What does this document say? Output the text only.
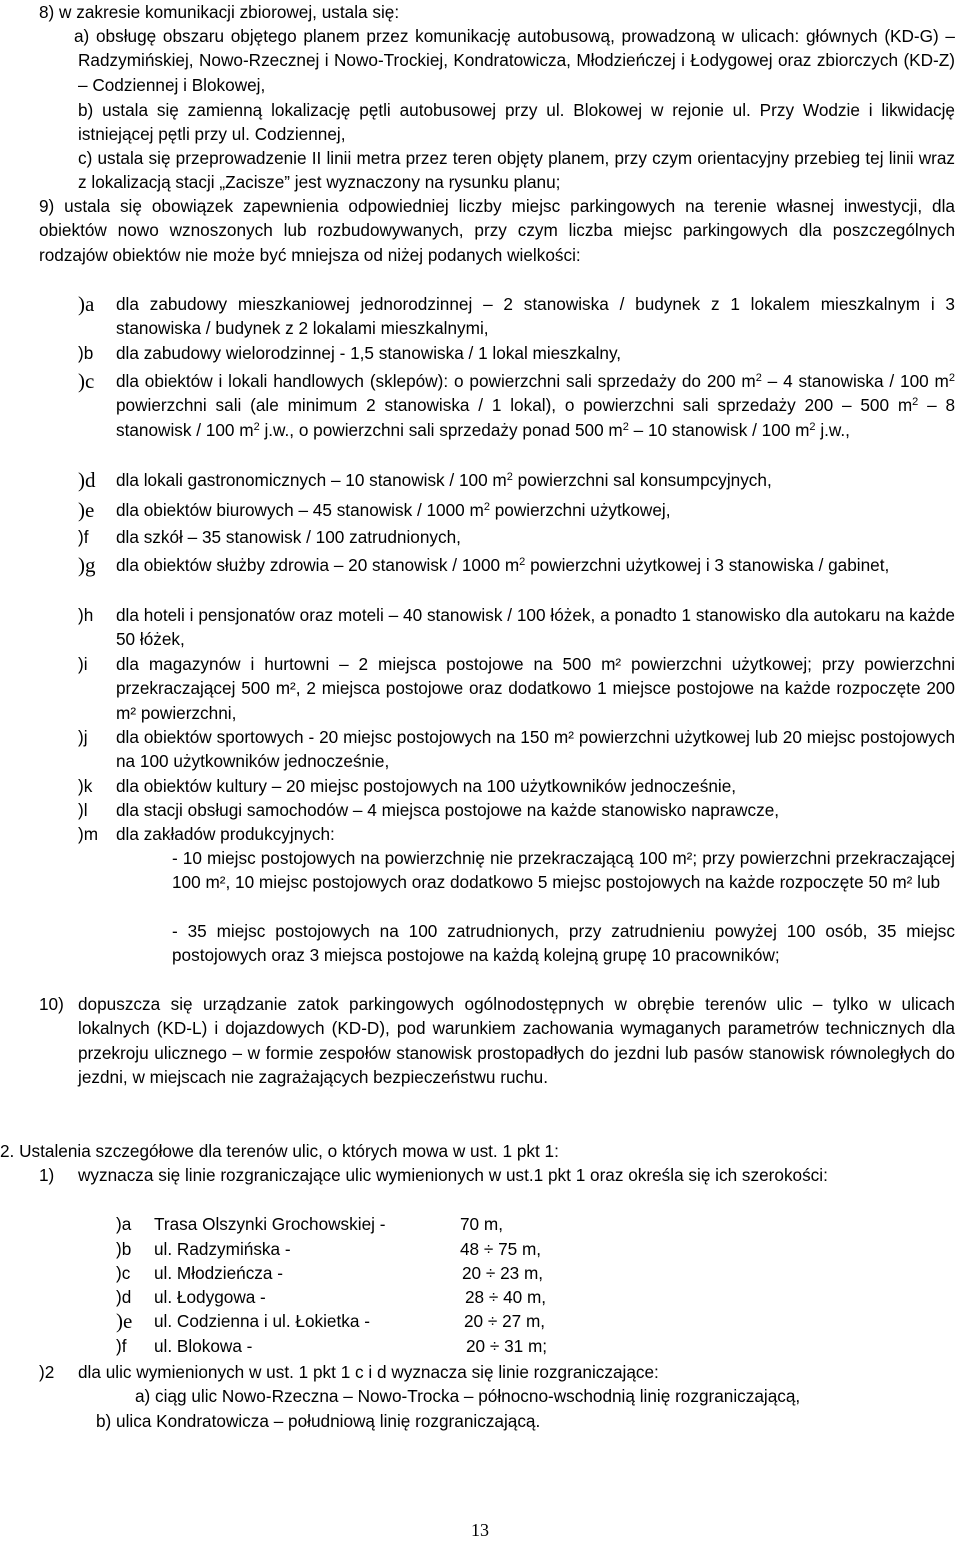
8) w zakresie komunikacji zbiorowej, ustala się:
a) obsługę obszaru objętego planem przez komunikację autobusową, prowadzoną w ulicach: głównych (KD-G) – Radzymińskiej, Nowo-Rzecznej i Nowo-Trockiej, Kondratowicza, Młodzieńczej i Łodygowej oraz zbiorczych (KD-Z) – Codziennej i Blokowej,
b) ustala się zamienną lokalizację pętli autobusowej przy ul. Blokowej w rejonie ul. Przy Wodzie i likwidację istniejącej pętli przy ul. Codziennej,
c) ustala się przeprowadzenie II linii metra przez teren objęty planem, przy czym orientacyjny przebieg tej linii wraz z lokalizacją stacji „Zacisze” jest wyznaczony na rysunku planu;
9) ustala się obowiązek zapewnienia odpowiedniej liczby miejsc parkingowych na terenie własnej inwestycji, dla obiektów nowo wznoszonych lub rozbudowywanych, przy czym liczba miejsc parkingowych dla poszczególnych rodzajów obiektów nie może być mniejsza od niżej podanych wielkości:
)a dla zabudowy mieszkaniowej jednorodzinnej – 2 stanowiska / budynek z 1 lokalem mieszkalnym i 3 stanowiska / budynek z 2 lokalami mieszkalnymi,
)b dla zabudowy wielorodzinnej - 1,5 stanowiska / 1 lokal mieszkalny,
)c dla obiektów i lokali handlowych (sklepów): o powierzchni sali sprzedaży do 200 $m^2 - 4$ stanowiska / 100 $m^2$ powierzchni sali (ale minimum 2 stanowiska / 1 lokal), o powierzchni sali sprzedaży 200 – 500 $m^2 - 8$ stanowisk / 100 $m^2$ j.w., o powierzchni sali sprzedaży ponad 500 $m^2 - 10$ stanowisk / 100 $m^2$ j.w.,
)d dla lokali gastronomicznych – 10 stanowisk / 100 $m^2$ powierzchni sal konsumpcyjnych,
)e dla obiektów biurowych – 45 stanowisk / 1000 $m^2$ powierzchni użytkowej,
)f dla szkół – 35 stanowisk / 100 zatrudnionych,
)g dla obiektów służby zdrowia – 20 stanowisk / 1000 $m^2$ powierzchni użytkowej i 3 stanowiska / gabinet,
)h dla hoteli i pensjonatów oraz moteli – 40 stanowisk / 100 łóżek, a ponadto 1 stanowisko dla autokaru na każde 50 łóżek,
)i dla magazynów i hurtowni – 2 miejsca postojowe na 500 m² powierzchni użytkowej; przy powierzchni przekraczającej 500 m², 2 miejsca postojowe oraz dodatkowo 1 miejsce postojowe na każde rozpoczęte 200 m² powierzchni,
)j dla obiektów sportowych - 20 miejsc postojowych na 150 m² powierzchni użytkowej lub 20 miejsc postojowych na 100 użytkowników jednocześnie,
)k dla obiektów kultury – 20 miejsc postojowych na 100 użytkowników jednocześnie,
)l dla stacji obsługi samochodów – 4 miejsca postojowe na każde stanowisko naprawcze,
)m dla zakładów produkcyjnych:
- 10 miejsc postojowych na powierzchnię nie przekraczającą 100 m²; przy powierzchni przekraczającej 100 m², 10 miejsc postojowych oraz dodatkowo 5 miejsc postojowych na każde rozpoczęte 50 m² lub
- 35 miejsc postojowych na 100 zatrudnionych, przy zatrudnieniu powyżej 100 osób, 35 miejsc postojowych oraz 3 miejsca postojowe na każdą kolejną grupę 10 pracowników;
10) dopuszcza się urządzanie zatok parkingowych ogólnodostępnych w obrębie terenów ulic – tylko w ulicach lokalnych (KD-L) i dojazdowych (KD-D), pod warunkiem zachowania wymaganych parametrów technicznych dla przekroju ulicznego – w formie zespołów stanowisk prostopadłych do jezdni lub pasów stanowisk równoległych do jezdni, w miejscach nie zagrażających bezpieczeństwu ruchu.
2. Ustalenia szczegółowe dla terenów ulic, o których mowa w ust. 1 pkt 1:
1) wyznacza się linie rozgraniczające ulic wymienionych w ust.1 pkt 1 oraz określa się ich szerokości:
)a Trasa Olszynki Grochowskiej -	70 m,
)b ul. Radzymińska -	48 ÷ 75 m,
)c ul. Młodzieńcza -	20 ÷ 23 m,
)d ul. Łodygowa -	28 ÷ 40 m,
)e ul. Codzienna i ul. Łokietka -	20 ÷ 27 m,
)f ul. Blokowa -	20 ÷ 31 m;
)2 dla ulic wymienionych w ust. 1 pkt 1 c i d wyznacza się linie rozgraniczające:
a) ciąg ulic Nowo-Rzeczna – Nowo-Trocka – północno-wschodnią linię rozgraniczającą,
b) ulica Kondratowicza – południową linię rozgraniczającą.
13
